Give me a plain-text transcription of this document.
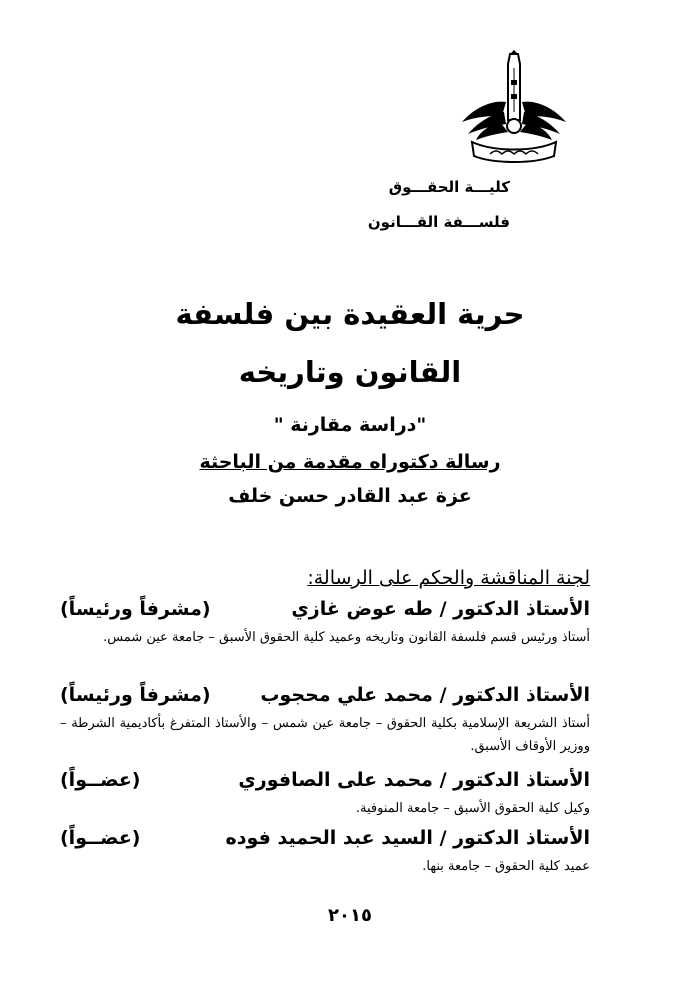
كليـــة الحقـــوق
فلســـفة القـــانون
حرية العقيدة بين فلسفة
القانون وتاريخه
"دراسة مقارنة "
رسالة دكتوراه مقدمة من الباحثة
عزة عبد القادر حسن خلف
لجنة المناقشة والحكم على الرسالة:
الأستاذ الدكتور / طه عوض غازي
(مشرفاً ورئيساً)
أستاذ ورئيس قسم فلسفة القانون وتاريخه وعميد كلية الحقوق الأسبق – جامعة عين شمس.
الأستاذ الدكتور / محمد علي محجوب
(مشرفاً ورئيساً)
أستاذ الشريعة الإسلامية بكلية الحقوق – جامعة عين شمس – والأستاذ المتفرغ بأكاديمية الشرطة – ووزير الأوقاف الأسبق.
الأستاذ الدكتور / محمد على الصافوري
(عضــواً)
وكيل كلية الحقوق الأسبق – جامعة المنوفية.
الأستاذ الدكتور / السيد عبد الحميد فوده
(عضــواً)
عميد كلية الحقوق – جامعة بنها.
٢٠١٥
